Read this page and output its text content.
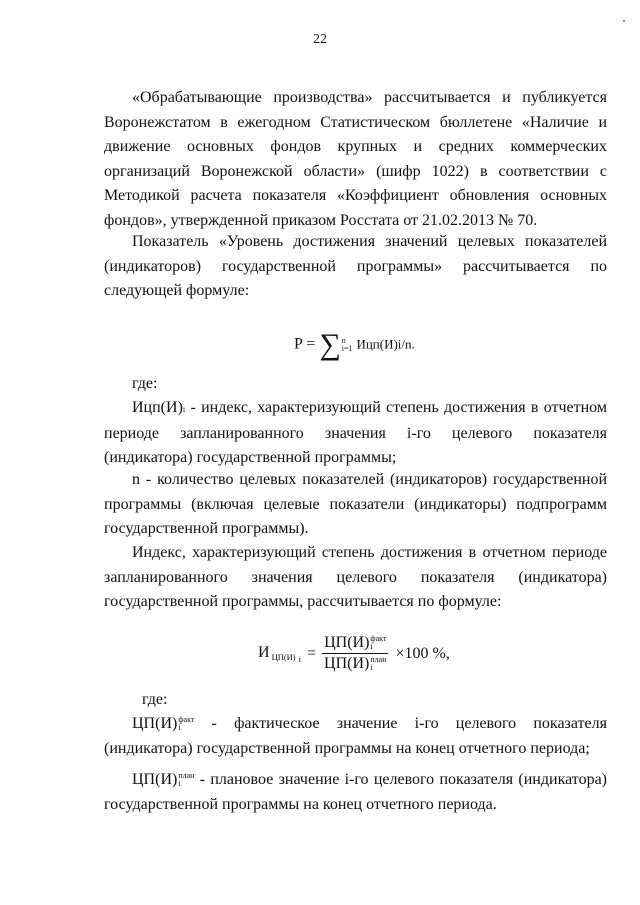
22
«Обрабатывающие производства» рассчитывается и публикуется Воронежстатом в ежегодном Статистическом бюллетене «Наличие и движение основных фондов крупных и средних коммерческих организаций Воронежской области» (шифр 1022) в соответствии с Методикой расчета показателя «Коэффициент обновления основных фондов», утвержденной приказом Росстата от 21.02.2013 № 70.
Показатель «Уровень достижения значений целевых показателей (индикаторов) государственной программы» рассчитывается по следующей формуле:
P = ∑ n
i=1 Ицп(И)i/n.
где:
Ицп(И)i - индекс, характеризующий степень достижения в отчетном периоде запланированного значения i-го целевого показателя (индикатора) государственной программы;
n - количество целевых показателей (индикаторов) государственной программы (включая целевые показатели (индикаторы) подпрограмм государственной программы).
Индекс, характеризующий степень достижения в отчетном периоде запланированного значения целевого показателя (индикатора) государственной программы, рассчитывается по формуле:
И ЦП(И) $_i$ = ЦП(И) факт
i
ЦП(И) план
i ×100 %,
где:
ЦП(И) факт
i - фактическое значение i-го целевого показателя (индикатора) государственной программы на конец отчетного периода;
ЦП(И) план
i - плановое значение i-го целевого показателя (индикатора) государственной программы на конец отчетного периода.
